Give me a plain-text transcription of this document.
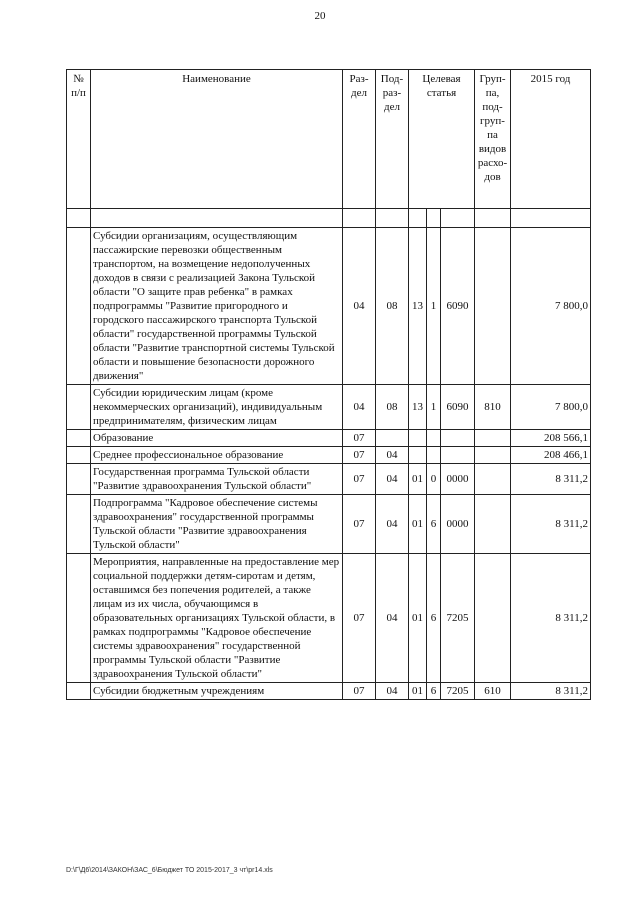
20
№ п/п	Наименование	Раз-дел	Под-раз-дел	Целевая статья			Груп-па, под-груп-па видов расхо-дов	2015 год

	Субсидии организациям, осуществляющим пассажирские перевозки общественным транспортом, на возмещение недополученных доходов в связи с реализацией Закона Тульской области "О защите прав ребенка" в рамках подпрограммы "Развитие пригородного и городского пассажирского транспорта Тульской области" государственной программы Тульской области "Развитие транспортной системы Тульской области и повышение безопасности дорожного движения"	04	08	13	1	6090		7 800,0
	Субсидии юридическим лицам (кроме некоммерческих организаций), индивидуальным предпринимателям, физическим лицам	04	08	13	1	6090	810	7 800,0
	Образование	07						208 566,1
	Среднее профессиональное образование	07	04					208 466,1
	Государственная программа Тульской области "Развитие здравоохранения Тульской области"	07	04	01	0	0000		8 311,2
	Подпрограмма "Кадровое обеспечение системы здравоохранения" государственной программы Тульской области "Развитие здравоохранения Тульской области"	07	04	01	6	0000		8 311,2
	Мероприятия, направленные на предоставление мер социальной поддержки детям-сиротам и детям, оставшимся без попечения родителей, а также лицам из их числа, обучающимся в образовательных организациях Тульской области, в рамках подпрограммы "Кадровое обеспечение системы здравоохранения" государственной программы Тульской области "Развитие здравоохранения Тульской области"	07	04	01	6	7205		8 311,2
	Субсидии бюджетным учреждениям	07	04	01	6	7205	610	8 311,2
D:\Г\Д6\2014\ЗАКОН\ЗАС_6\Бюджет ТО 2015-2017_3 чт\pr14.xls
